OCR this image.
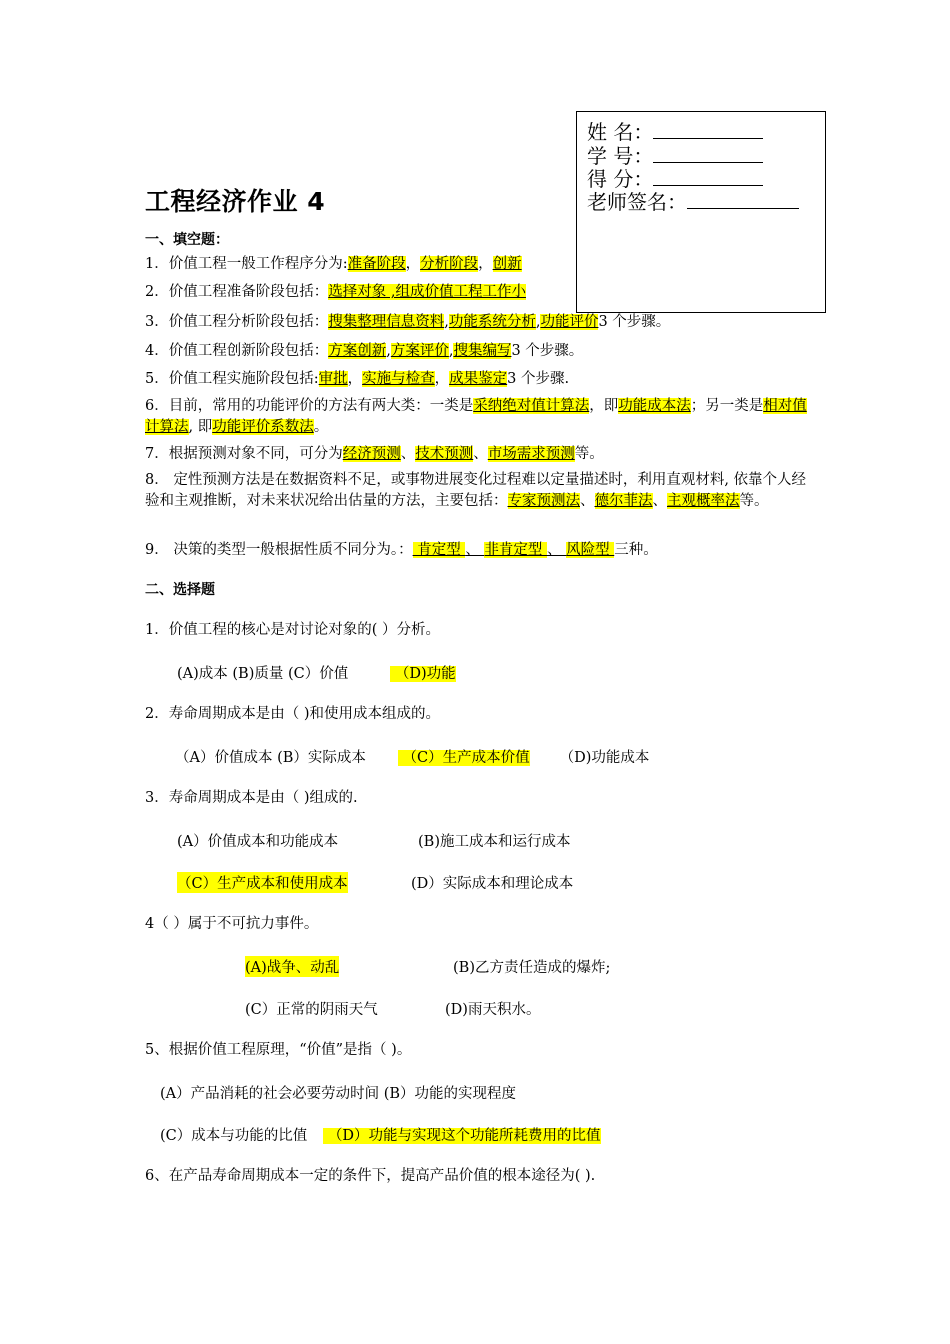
工程经济作业 4
一、填空题：
1．价值工程一般工作程序分为:准备阶段，分析阶段，创新
2．价值工程准备阶段包括：选择对象 ,组成价值工程工作小
3．价值工程分析阶段包括：搜集整理信息资料,功能系统分析,功能评价3 个步骤。
4．价值工程创新阶段包括：方案创新,方案评价,搜集编写3 个步骤。
5．价值工程实施阶段包括:审批，实施与检查，成果鉴定3 个步骤.
6．目前，常用的功能评价的方法有两大类：一类是采纳绝对值计算法，即功能成本法；另一类是相对值计算法, 即功能评价系数法。
7．根据预测对象不同，可分为经济预测、技术预测、市场需求预测等。
8． 定性预测方法是在数据资料不足，或事物进展变化过程难以定量描述时，利用直观材料, 依靠个人经验和主观推断，对未来状况给出估量的方法，主要包括：专家预测法、德尔菲法、主观概率法等。
9． 决策的类型一般根据性质不同分为。： 肯定型 、 非肯定型 、 风险型 三种。
二、选择题
1．价值工程的核心是对讨论对象的( ）分析。
(A)成本 (B)质量 (C）价值	（D)功能
2．寿命周期成本是由（ )和使用成本组成的。
（A）价值成本 (B）实际成本 （C）生产成本价值 （D)功能成本
3．寿命周期成本是由（ )组成的.
(A）价值成本和功能成本	(B)施工成本和运行成本
（C）生产成本和使用成本	(D）实际成本和理论成本
4（ ）属于不可抗力事件。
(A)战争、动乱	(B)乙方责任造成的爆炸;
(C）正常的阴雨天气	(D)雨天积水。
5、根据价值工程原理，“价值”是指（ )。
(A）产品消耗的社会必要劳动时间 (B）功能的实现程度
(C）成本与功能的比值 （D）功能与实现这个功能所耗费用的比值
6、在产品寿命周期成本一定的条件下，提高产品价值的根本途径为( ).
姓 名：
学 号：
得 分：
老师签名：
